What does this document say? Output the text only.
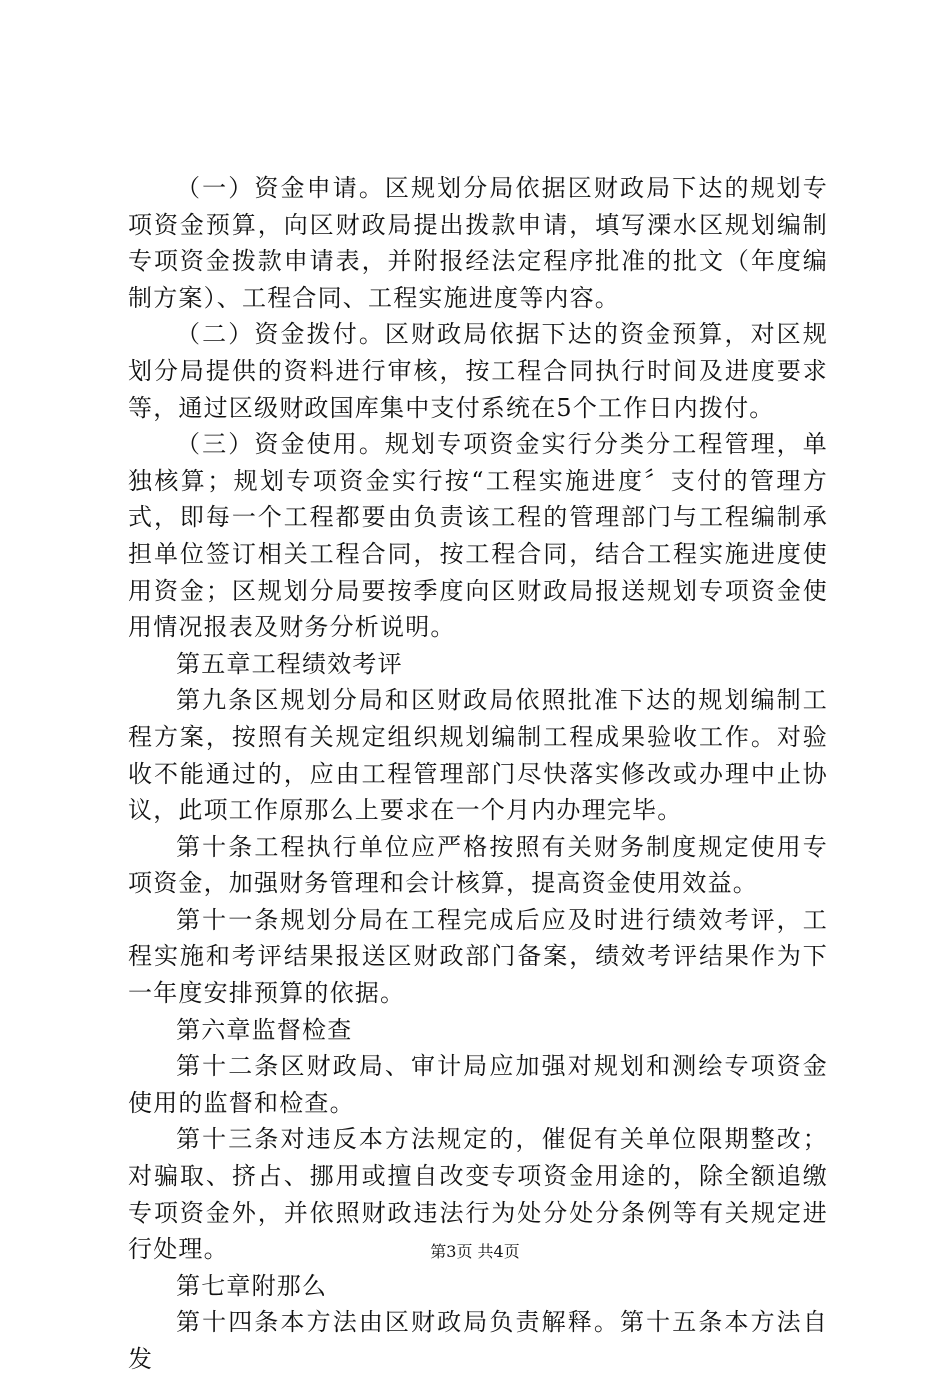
（一）资金申请。区规划分局依据区财政局下达的规划专项资金预算，向区财政局提出拨款申请，填写溧水区规划编制专项资金拨款申请表，并附报经法定程序批准的批文（年度编制方案）、工程合同、工程实施进度等内容。

（二）资金拨付。区财政局依据下达的资金预算，对区规划分局提供的资料进行审核，按工程合同执行时间及进度要求等，通过区级财政国库集中支付系统在5个工作日内拨付。

（三）资金使用。规划专项资金实行分类分工程管理，单独核算；规划专项资金实行按“工程实施进度〞支付的管理方式，即每一个工程都要由负责该工程的管理部门与工程编制承担单位签订相关工程合同，按工程合同，结合工程实施进度使用资金；区规划分局要按季度向区财政局报送规划专项资金使用情况报表及财务分析说明。

第五章工程绩效考评

第九条区规划分局和区财政局依照批准下达的规划编制工程方案，按照有关规定组织规划编制工程成果验收工作。对验收不能通过的，应由工程管理部门尽快落实修改或办理中止协议，此项工作原那么上要求在一个月内办理完毕。

第十条工程执行单位应严格按照有关财务制度规定使用专项资金，加强财务管理和会计核算，提高资金使用效益。

第十一条规划分局在工程完成后应及时进行绩效考评，工程实施和考评结果报送区财政部门备案，绩效考评结果作为下一年度安排预算的依据。

第六章监督检查

第十二条区财政局、审计局应加强对规划和测绘专项资金使用的监督和检查。

第十三条对违反本方法规定的，催促有关单位限期整改；对骗取、挤占、挪用或擅自改变专项资金用途的，除全额追缴专项资金外，并依照财政违法行为处分处分条例等有关规定进行处理。

第七章附那么

第十四条本方法由区财政局负责解释。第十五条本方法自发

第3页 共4页
